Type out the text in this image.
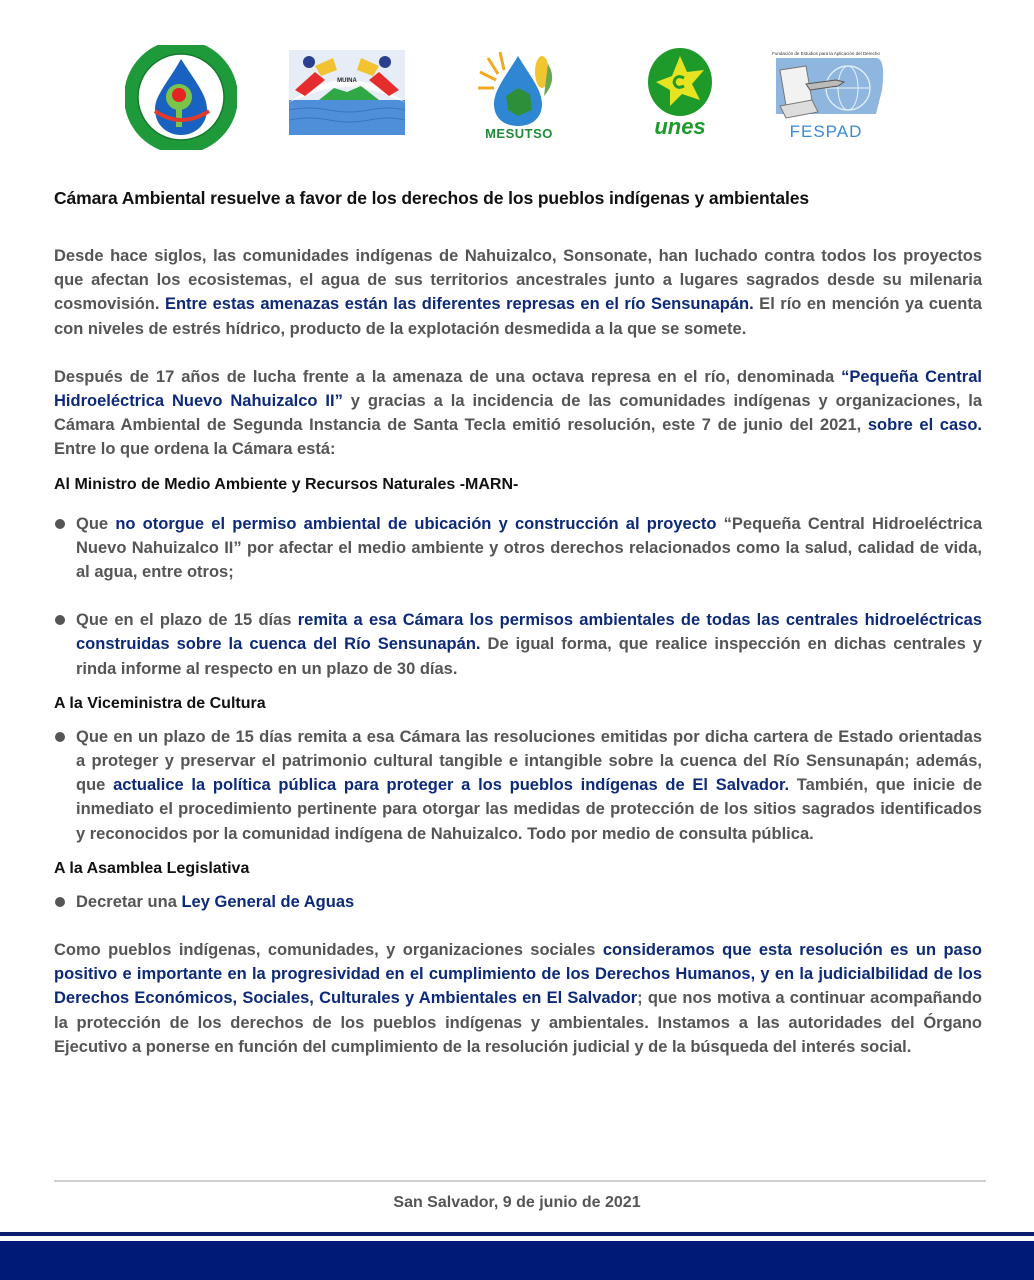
MUINA
MESUTSO	unes
Fundación de Estudios para la Aplicación del Derecho
FESPAD
Cámara Ambiental resuelve a favor de los derechos de los pueblos indígenas y ambientales

Desde hace siglos, las comunidades indígenas de Nahuizalco, Sonsonate, han luchado contra todos los proyectos que afectan los ecosistemas, el agua de sus territorios ancestrales junto a lugares sagrados desde su milenaria cosmovisión. Entre estas amenazas están las diferentes represas en el río Sensunapán. El río en mención ya cuenta con niveles de estrés hídrico, producto de la explotación desmedida a la que se somete.

Después de 17 años de lucha frente a la amenaza de una octava represa en el río, denominada “Pequeña Central Hidroeléctrica Nuevo Nahuizalco II” y gracias a la incidencia de las comunidades indígenas y organizaciones, la Cámara Ambiental de Segunda Instancia de Santa Tecla emitió resolución, este 7 de junio del 2021, sobre el caso. Entre lo que ordena la Cámara está:

Al Ministro de Medio Ambiente y Recursos Naturales -MARN-
Que no otorgue el permiso ambiental de ubicación y construcción al proyecto “Pequeña Central Hidroeléctrica Nuevo Nahuizalco II” por afectar el medio ambiente y otros derechos relacionados como la salud, calidad de vida, al agua, entre otros;
Que en el plazo de 15 días remita a esa Cámara los permisos ambientales de todas las centrales hidroeléctricas construidas sobre la cuenca del Río Sensunapán. De igual forma, que realice inspección en dichas centrales y rinda informe al respecto en un plazo de 30 días.
A la Viceministra de Cultura
Que en un plazo de 15 días remita a esa Cámara las resoluciones emitidas por dicha cartera de Estado orientadas a proteger y preservar el patrimonio cultural tangible e intangible sobre la cuenca del Río Sensunapán; además, que actualice la política pública para proteger a los pueblos indígenas de El Salvador. También, que inicie de inmediato el procedimiento pertinente para otorgar las medidas de protección de los sitios sagrados identificados y reconocidos por la comunidad indígena de Nahuizalco. Todo por medio de consulta pública.
A la Asamblea Legislativa
Decretar una Ley General de Aguas

Como pueblos indígenas, comunidades, y organizaciones sociales consideramos que esta resolución es un paso positivo e importante en la progresividad en el cumplimiento de los Derechos Humanos, y en la judicialbilidad de los Derechos Económicos, Sociales, Culturales y Ambientales en El Salvador; que nos motiva a continuar acompañando la protección de los derechos de los pueblos indígenas y ambientales. Instamos a las autoridades del Órgano Ejecutivo a ponerse en función del cumplimiento de la resolución judicial y de la búsqueda del interés social.

San Salvador, 9 de junio de 2021
